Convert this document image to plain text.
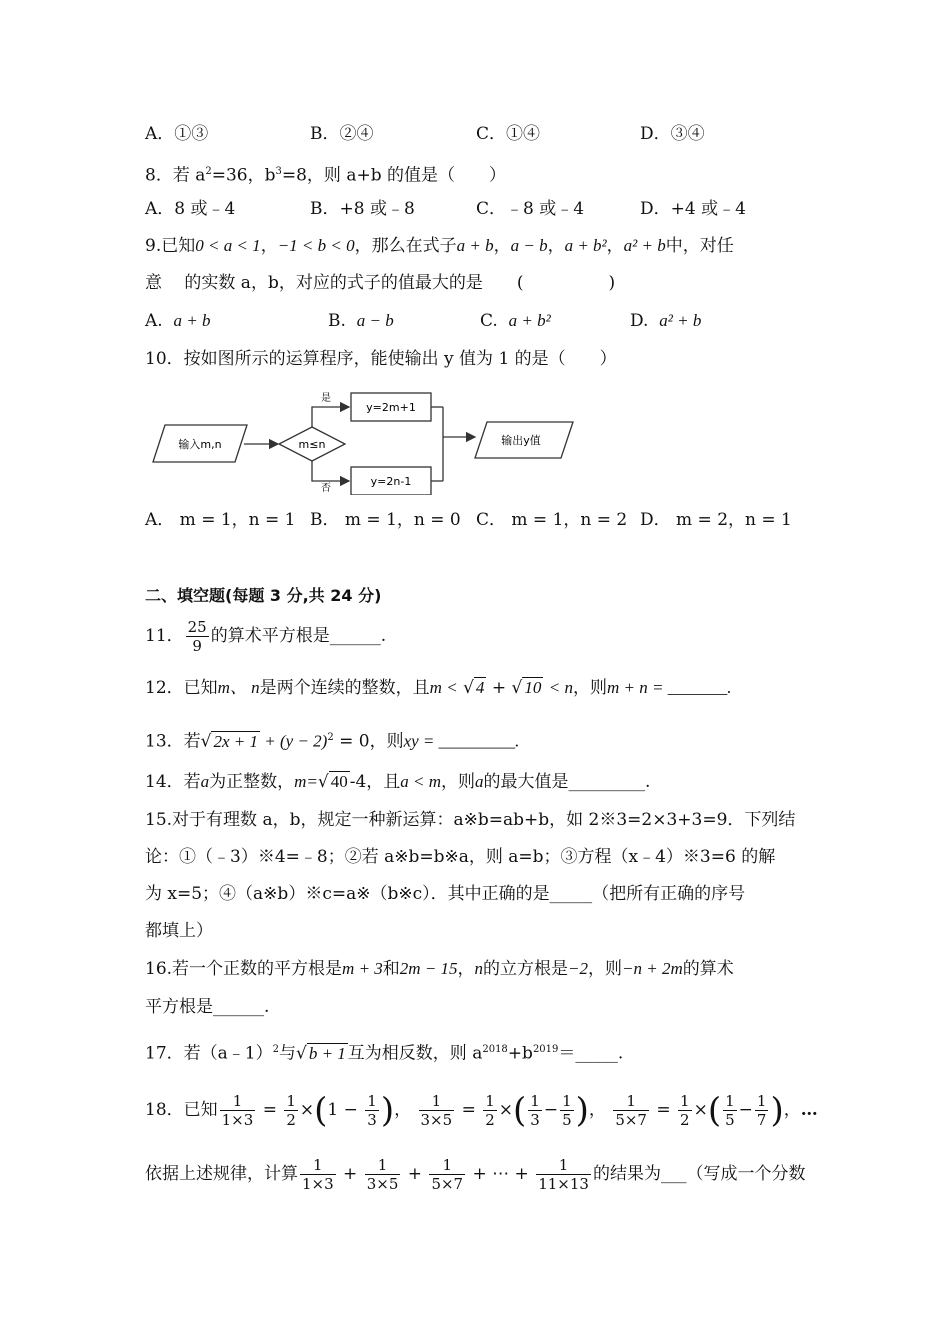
A．①③	B．②④	C．①④	D．③④
8．若 $a^2=36$，$b^3=8$，则 a+b 的值是（　　）
A．8 或﹣4	B．+8 或﹣8	C．﹣8 或﹣4	D．+4 或﹣4
9.已知0 < a < 1，−1 < b < 0，那么在式子a + b，a − b，a + b²，a² + b中，对任
意　 的实数 a，b，对应的式子的值最大的是　　(　　　　　)
A. a + b	B. a − b	C. a + b²	D. a² + b
10．按如图所示的运算程序，能使输出 y 值为 1 的是（　　）
输入m,n	m≤n
是
否
y=2m+1
y=2n-1
输出y值
A． m = 1，n = 1 B． m = 1，n = 0 C． m = 1，n = 2 D． m = 2，n = 1
二、填空题(每题 3 分,共 24 分)
11． $\frac{25}{9}$ 的算术平方根是______.
12．已知m、 n是两个连续的整数，且m < √ 4 + √ 10 < n，则m + n = _______.
13．若√ $2x + 1 + (y - 2)^2 = 0$，则xy = _________.
14．若a为正整数，m=√ 40 -4，且a < m，则a的最大值是_________.
15.对于有理数 a，b，规定一种新运算：a※b=ab+b，如 2※3=2×3+3=9．下列结
论：①（﹣3）※4=﹣8；②若 a※b=b※a，则 a=b；③方程（x﹣4）※3=6 的解
为 x=5；④（a※b）※c=a※（b※c）．其中正确的是_____（把所有正确的序号
都填上）
16.若一个正数的平方根是m + 3和2m − 15，n的立方根是−2，则−n + 2m的算术
平方根是______.
17．若（a﹣1）$^2$与√ b + 1 互为相反数，则 $a^{2018}+b^{2019}=\_\_\_\_\_$.
18．已知 $\frac{1}{1\times 3} = \frac{1}{2} \times(1 - \frac{1}{3}$ )， $\frac{1}{3\times 5} = \frac{1}{2}$ ×( $\frac{1}{3} - \frac{1}{5}$ )， $\frac{1}{5\times 7} = \frac{1}{2}$ ×( $\frac{1}{5} - \frac{1}{7}$ )，…
依据上述规律，计算 $\frac{1}{1\times 3} + \frac{1}{3\times 5} + \frac{1}{5\times 7}$ + ⋯ + $\frac{1}{11\times 13}$ 的结果为___（写成一个分数
